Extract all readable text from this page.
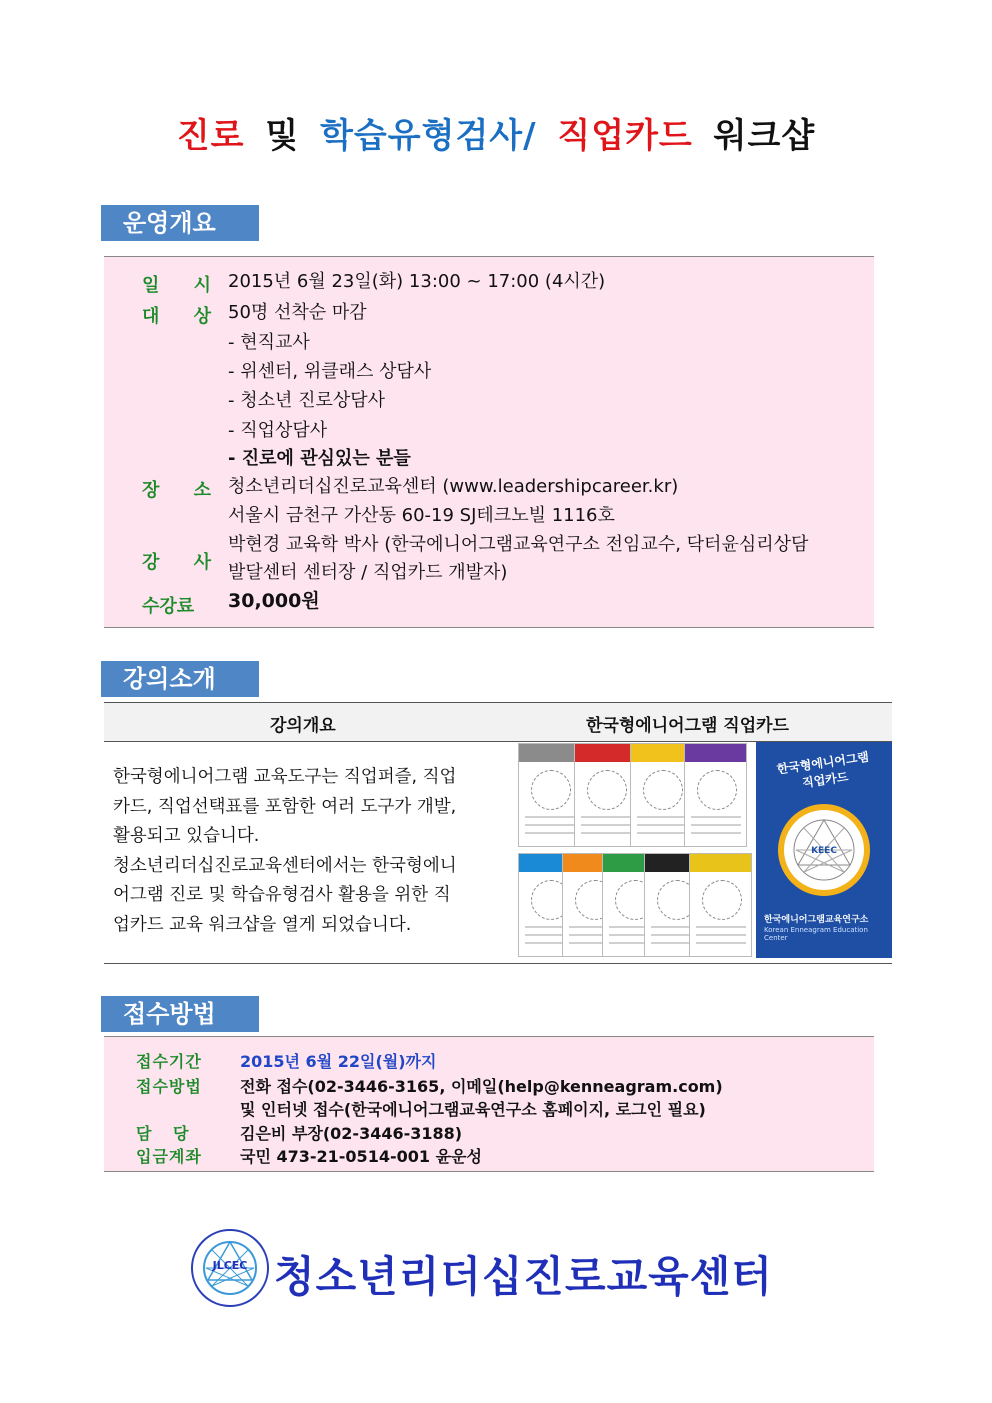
진로 및 학습유형검사/ 직업카드 워크샵
운영개요
일 시 2015년 6월 23일(화) 13:00 ~ 17:00 (4시간)
대 상 50명 선착순 마감
- 현직교사
- 위센터, 위클래스 상담사
- 청소년 진로상담사
- 직업상담사
- 진로에 관심있는 분들
장 소 청소년리더십진로교육센터 (www.leadershipcareer.kr)
서울시 금천구 가산동 60-19 SJ테크노빌 1116호
강 사
박현경 교육학 박사 (한국에니어그램교육연구소 전임교수, 닥터윤심리상담
발달센터 센터장 / 직업카드 개발자)
수강료 30,000원
강의소개
강의개요	한국형에니어그램 직업카드
한국형에니어그램 교육도구는 직업퍼즐, 직업
카드, 직업선택표를 포함한 여러 도구가 개발,
활용되고 있습니다.
청소년리더십진로교육센터에서는 한국형에니
어그램 진로 및 학습유형검사 활용을 위한 직
업카드 교육 워크샵을 열게 되었습니다.
한국형에니어그램 직업카드
KEEC
한국에니어그램교육연구소
Korean Enneagram Education Center
접수방법
접수기간 2015년 6월 22일(월)까지
접수방법 전화 접수(02-3446-3165, 이메일(help@kenneagram.com)
및 인터넷 접수(한국에니어그램교육연구소 홈페이지, 로그인 필요)
담 당	김은비 부장(02-3446-3188)
입금계좌 국민 473-21-0514-001 윤운성
JLCEC 청소년리더십진로교육센터
